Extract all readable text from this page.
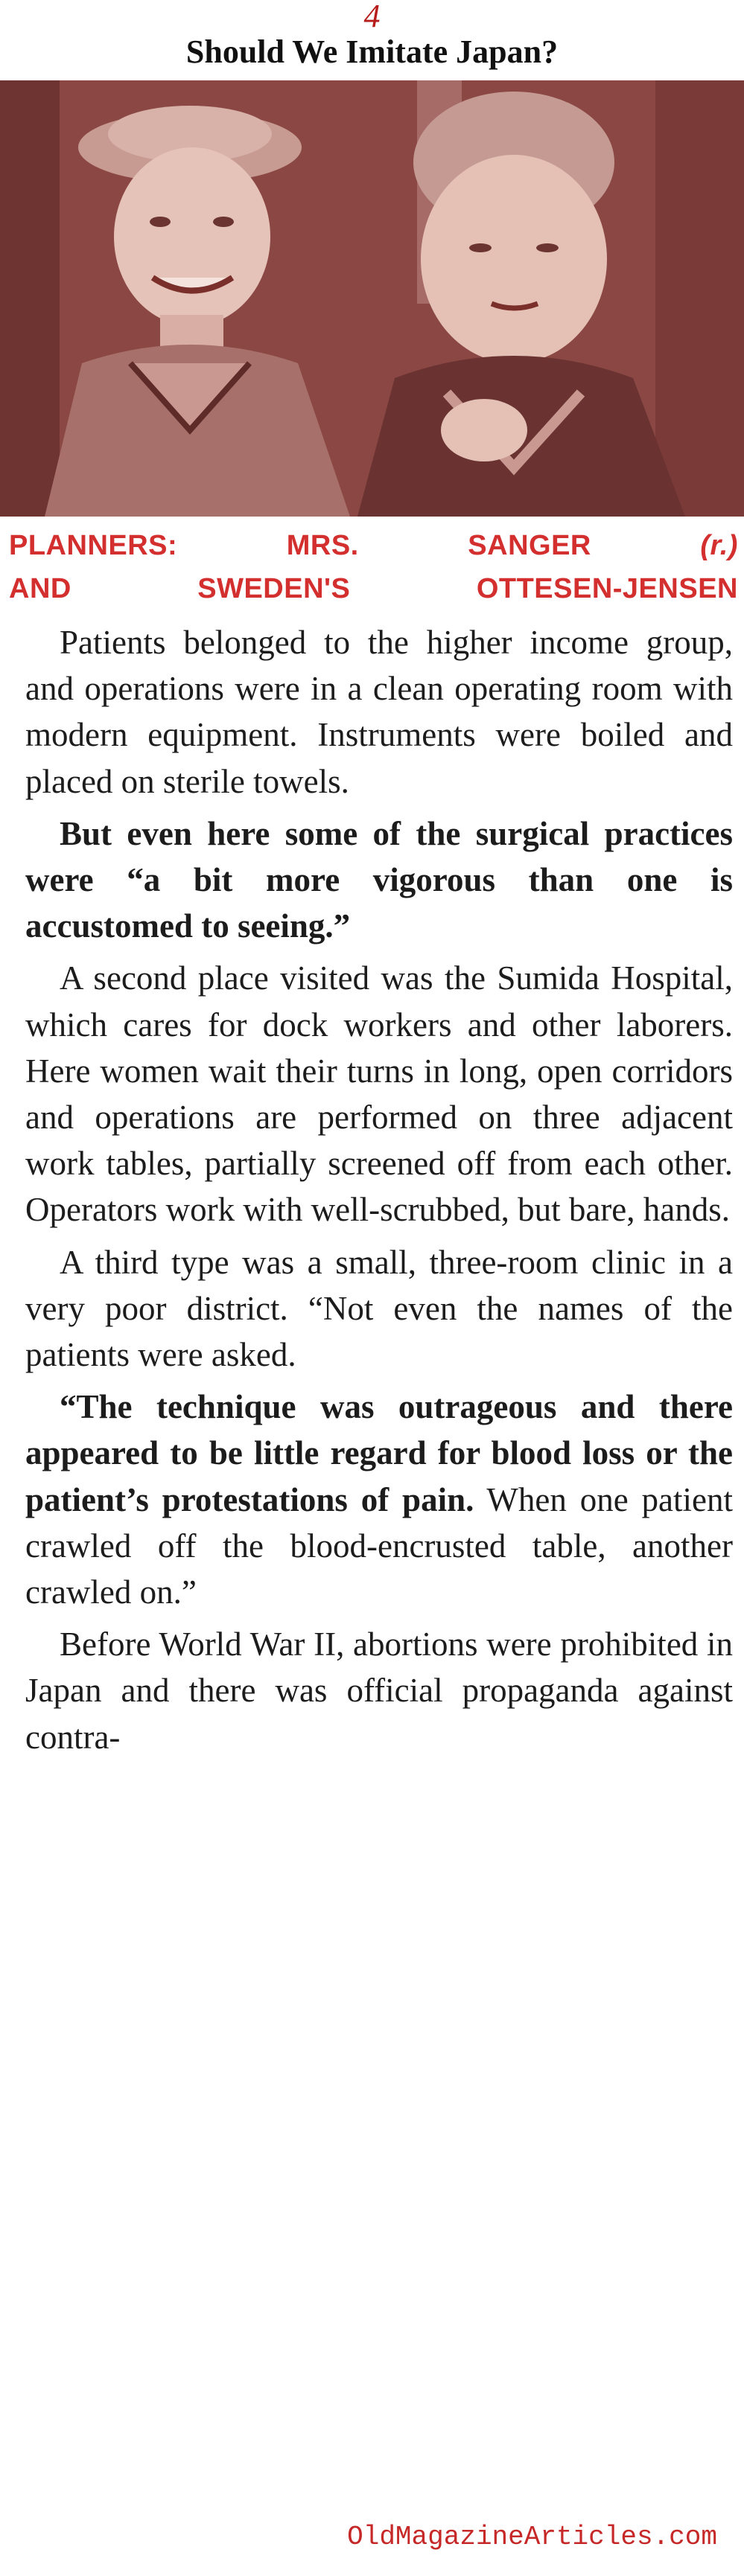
4
Should We Imitate Japan?
PLANNERS:	MRS.	SANGER	(r.)
AND	SWEDEN'S	OTTESEN-JENSEN

Patients belonged to the higher income group, and operations were in a clean operating room with modern equipment. Instruments were boiled and placed on sterile towels.

But even here some of the surgical practices were “a bit more vigorous than one is accustomed to seeing.”

A second place visited was the Sumida Hospital, which cares for dock workers and other laborers. Here women wait their turns in long, open corridors and operations are performed on three adjacent work tables, partially screened off from each other. Operators work with well-scrubbed, but bare, hands.

A third type was a small, three-room clinic in a very poor district. “Not even the names of the patients were asked.

“The technique was outrageous and there appeared to be little regard for blood loss or the patient’s protestations of pain. When one patient crawled off the blood-encrusted table, another crawled on.”

Before World War II, abortions were prohibited in Japan and there was official propaganda against contra-

OldMagazineArticles.com
